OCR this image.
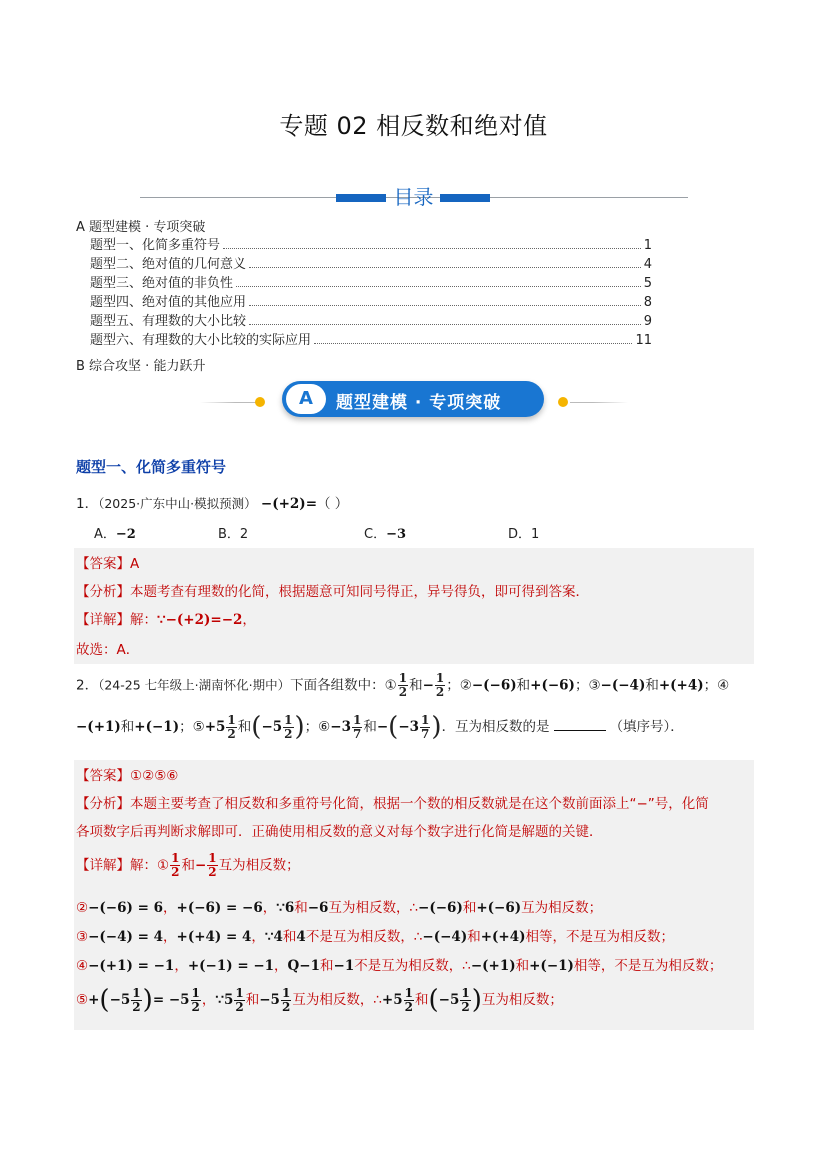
专题 02 相反数和绝对值
目录
A 题型建模 · 专项突破
题型一、化简多重符号	1
题型二、绝对值的几何意义	4
题型三、绝对值的非负性	5
题型四、绝对值的其他应用	8
题型五、有理数的大小比较	9
题型六、有理数的大小比较的实际应用	11
B 综合攻坚 · 能力跃升
A	题型建模 · 专项突破
题型一、化简多重符号
1．（2025·广东中山·模拟预测） −(+2)=（ ）
A．−2	B．2	C．−3	D．1
【答案】A
【分析】本题考查有理数的化简，根据题意可知同号得正，异号得负，即可得到答案．
【详解】解：∵−(+2)=−2，
故选：A．
2．（24-25 七年级上·湖南怀化·期中）下面各组数中：① $\frac{1}{2}$ 和− $\frac{1}{2}$ ；②−(−6)和+(−6)；③−(−4)和+(+4)；④
−(+1)和+(−1)；⑤+5 $\frac{1}{2}$ 和($-5 \frac{1}{2}$ )；⑥−3 $\frac{1}{7}$ 和$-(-3 \frac{1}{7}$ )．互为相反数的是	（填序号）．
【答案】①②⑤⑥
【分析】本题主要考查了相反数和多重符号化简，根据一个数的相反数就是在这个数前面添上“−”号，化简
各项数字后再判断求解即可．正确使用相反数的意义对每个数字进行化简是解题的关键．
【详解】解：① $\frac{1}{2}$ 和− $\frac{1}{2}$ 互为相反数；
②−(−6) = 6，+(−6) = −6，∵6和−6互为相反数，∴−(−6)和+(−6)互为相反数；
③−(−4) = 4，+(+4) = 4，∵4和4不是互为相反数，∴−(−4)和+(+4)相等，不是互为相反数；
④−(+1) = −1，+(−1) = −1，Q−1和−1不是互为相反数，∴−(+1)和+(−1)相等，不是互为相反数；
⑤+(−5 $\frac{1}{2}$ )= $-5 \frac{1}{2}$ ，∵5 $\frac{1}{2}$ 和$-5 \frac{1}{2}$ 互为相反数，∴+5 $\frac{1}{2}$ 和($-5 \frac{1}{2}$ )互为相反数；
